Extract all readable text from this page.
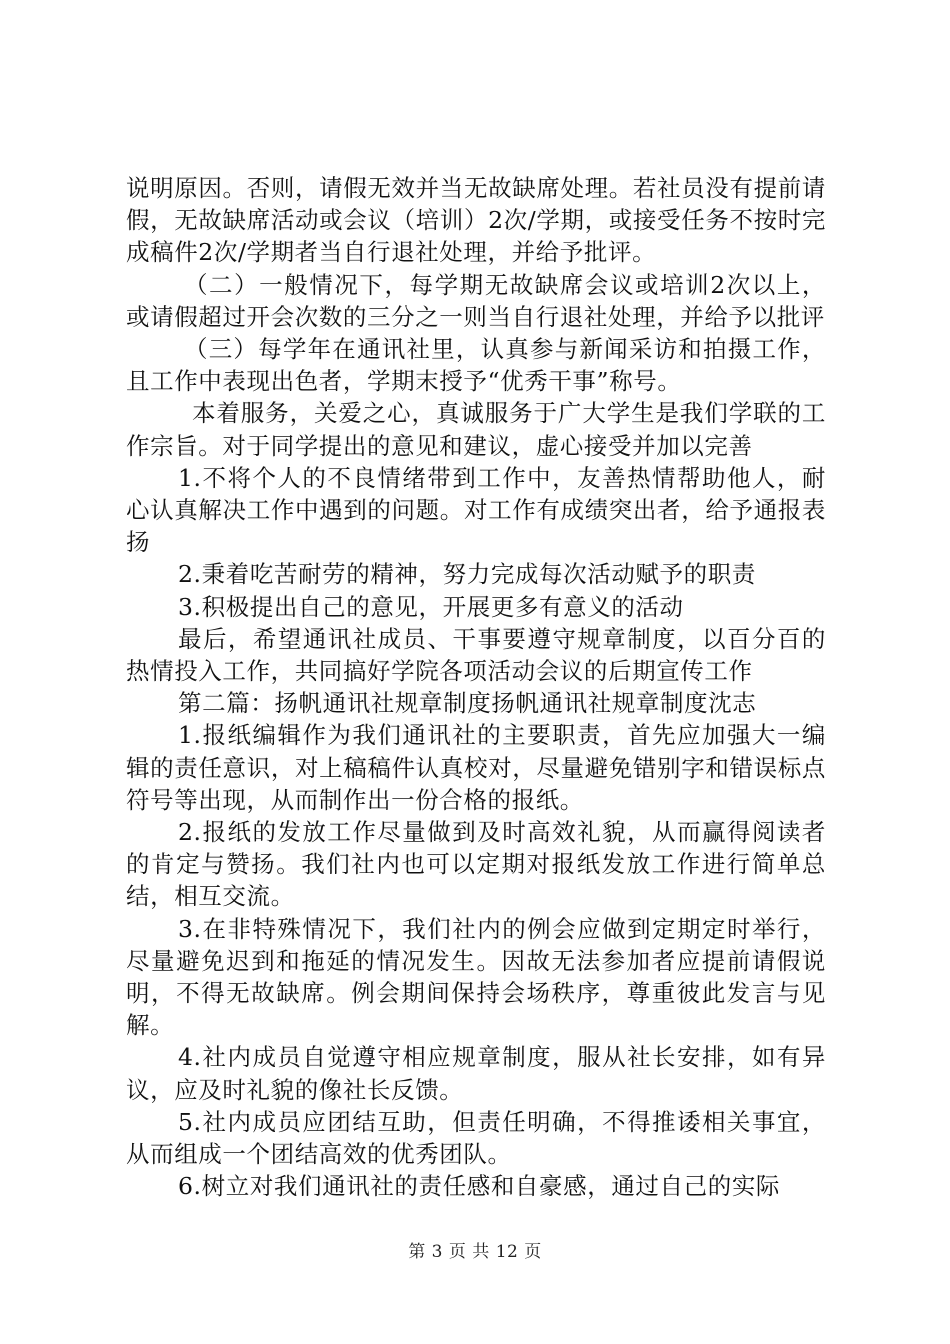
说明原因。否则，请假无效并当无故缺席处理。若社员没有提前请假，无故缺席活动或会议（培训）2次/学期，或接受任务不按时完成稿件2次/学期者当自行退社处理，并给予批评。

（二）一般情况下，每学期无故缺席会议或培训2次以上，或请假超过开会次数的三分之一则当自行退社处理，并给予以批评

（三）每学年在通讯社里，认真参与新闻采访和拍摄工作，且工作中表现出色者，学期末授予“优秀干事”称号。

本着服务，关爱之心，真诚服务于广大学生是我们学联的工作宗旨。对于同学提出的意见和建议，虚心接受并加以完善

1.不将个人的不良情绪带到工作中，友善热情帮助他人，耐心认真解决工作中遇到的问题。对工作有成绩突出者，给予通报表扬

2.秉着吃苦耐劳的精神，努力完成每次活动赋予的职责

3.积极提出自己的意见，开展更多有意义的活动

最后，希望通讯社成员、干事要遵守规章制度，以百分百的热情投入工作，共同搞好学院各项活动会议的后期宣传工作

第二篇：扬帆通讯社规章制度扬帆通讯社规章制度沈志

1.报纸编辑作为我们通讯社的主要职责，首先应加强大一编辑的责任意识，对上稿稿件认真校对，尽量避免错别字和错误标点符号等出现，从而制作出一份合格的报纸。

2.报纸的发放工作尽量做到及时高效礼貌，从而赢得阅读者的肯定与赞扬。我们社内也可以定期对报纸发放工作进行简单总结，相互交流。

3.在非特殊情况下，我们社内的例会应做到定期定时举行，尽量避免迟到和拖延的情况发生。因故无法参加者应提前请假说明，不得无故缺席。例会期间保持会场秩序，尊重彼此发言与见解。

4.社内成员自觉遵守相应规章制度，服从社长安排，如有异议，应及时礼貌的像社长反馈。

5.社内成员应团结互助，但责任明确，不得推诿相关事宜，从而组成一个团结高效的优秀团队。

6.树立对我们通讯社的责任感和自豪感，通过自己的实际

第 3 页 共 12 页
